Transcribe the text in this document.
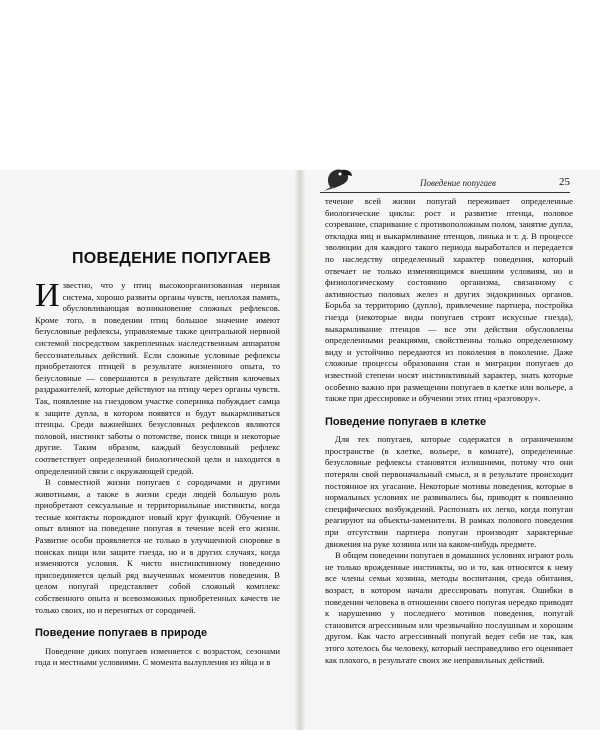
ПОВЕДЕНИЕ ПОПУГАЕВ

Известно, что у птиц высокоорганизованная нервная система, хорошо развиты органы чувств, неплохая память, обусловливающая возникновение сложных рефлексов. Кроме того, в поведении птиц большое значение имеют безусловные рефлексы, управляемые также центральной нервной системой посредством закрепленных наследственным аппаратом бессознательных действий. Если сложные условные рефлексы приобретаются птицей в результате жизненного опыта, то безусловные — совершаются в результате действия ключевых раздражителей, которые действуют на птицу через органы чувств. Так, появление на гнездовом участке соперника побуждает самца к защите дупла, в котором появятся и будут выкармливаться птенцы. Среди важнейших безусловных рефлексов являются половой, инстинкт заботы о потомстве, поиск пищи и некоторые другие. Таким образом, каждый безусловный рефлекс соответствует определенной биологической цели и находится в определенной связи с окружающей средой.

В совместной жизни попугаев с сородичами и другими животными, а также в жизни среди людей большую роль приобретают сексуальные и территориальные инстинкты, когда тесные контакты порождают новый круг функций. Обучение и опыт влияют на поведение попугая в течение всей его жизни. Развитие особи проявляется не только в улучшенной сноровке в поисках пищи или защите гнезда, но и в других случаях, когда изменяются условия. К чисто инстинктивному поведению присоединяется целый ряд выученных моментов поведения. В целом попугай представляет собой сложный комплекс собственного опыта и всевозможных приобретенных качеств не только своих, но и перенятых от сородичей.

Поведение попугаев в природе

Поведение диких попугаев изменяется с возрастом, сезонами года и местными условиями. С момента вылупления из яйца и в

Поведение попугаев	25

течение всей жизни попугай переживает определенные биологические циклы: рост и развитие птенца, половое созревание, спаривание с противоположным полом, занятие дупла, откладка яиц и выкармливание птенцов, линька и т. д. В процессе эволюции для каждого такого периода выработался и передается по наследству определенный характер поведения, который отвечает не только изменяющимся внешним условиям, но и физиологическому состоянию организма, связанному с активностью половых желез и других эндокринных органов. Борьба за территорию (дупло), привлечение партнера, постройка гнезда (некоторые виды попугаев строят искусные гнезда), выкармливание птенцов — все эти действия обусловлены определенными реакциями, свойственны только определенному виду и устойчиво передаются из поколения в поколение. Даже сложные процессы образования стаи и миграции попугаев до известной степени носят инстинктивный характер, знать которые особенно важно при размещении попугаев в клетке или вольере, а также при дрессировке и обучении этих птиц «разговору».

Поведение попугаев в клетке

Для тех попугаев, которые содержатся в ограниченном пространстве (в клетке, вольере, в комнате), определенные безусловные рефлексы становятся излишними, потому что они потеряли свой первоначальный смысл, и в результате происходит постоянное их угасание. Некоторые мотивы поведения, которые в нормальных условиях не развивались бы, приводят к появлению специфических возбуждений. Распознать их легко, когда попугаи реагируют на объекты-заменители. В рамках полового поведения при отсутствии партнера попугаи производят характерные движения на руке хозяина или на каком-нибудь предмете.

В общем поведении попугаев в домашних условиях играют роль не только врожденные инстинкты, но и то, как относятся к нему все члены семьи хозяина, методы воспитания, среда обитания, возраст, в котором начали дрессировать попугая. Ошибки в поведении человека в отношении своего попугая нередко приводят к нарушению у последнего мотивов поведения, попугай становится агрессивным или чрезвычайно послушным и хорошим другом. Как часто агрессивный попугай ведет себя не так, как этого хотелось бы человеку, который несправедливо его оценивает как плохого, в результате своих же неправильных действий.
